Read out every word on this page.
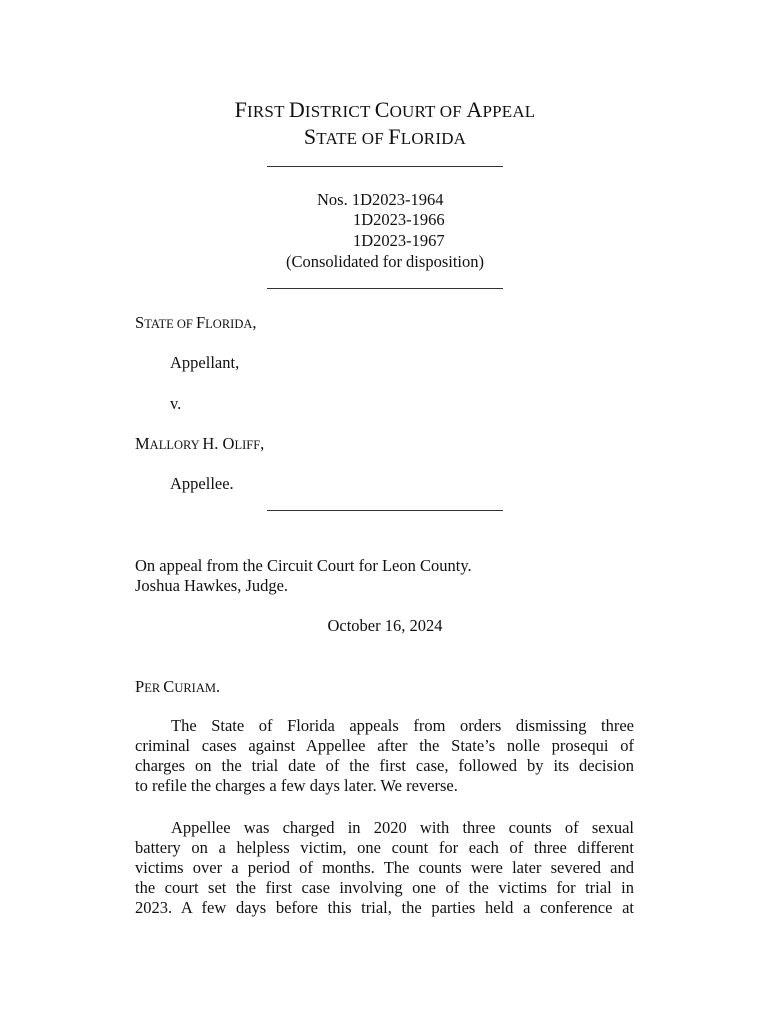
FIRST DISTRICT COURT OF APPEAL
STATE OF FLORIDA
Nos. 1D2023-1964
1D2023-1966
1D2023-1967
(Consolidated for disposition)
STATE OF FLORIDA,
Appellant,
v.
MALLORY H. OLIFF,
Appellee.
On appeal from the Circuit Court for Leon County.
Joshua Hawkes, Judge.
October 16, 2024
PER CURIAM.
The State of Florida appeals from orders dismissing three
criminal cases against Appellee after the State’s nolle prosequi of
charges on the trial date of the first case, followed by its decision
to refile the charges a few days later. We reverse.
Appellee was charged in 2020 with three counts of sexual
battery on a helpless victim, one count for each of three different
victims over a period of months. The counts were later severed and
the court set the first case involving one of the victims for trial in
2023. A few days before this trial, the parties held a conference at
